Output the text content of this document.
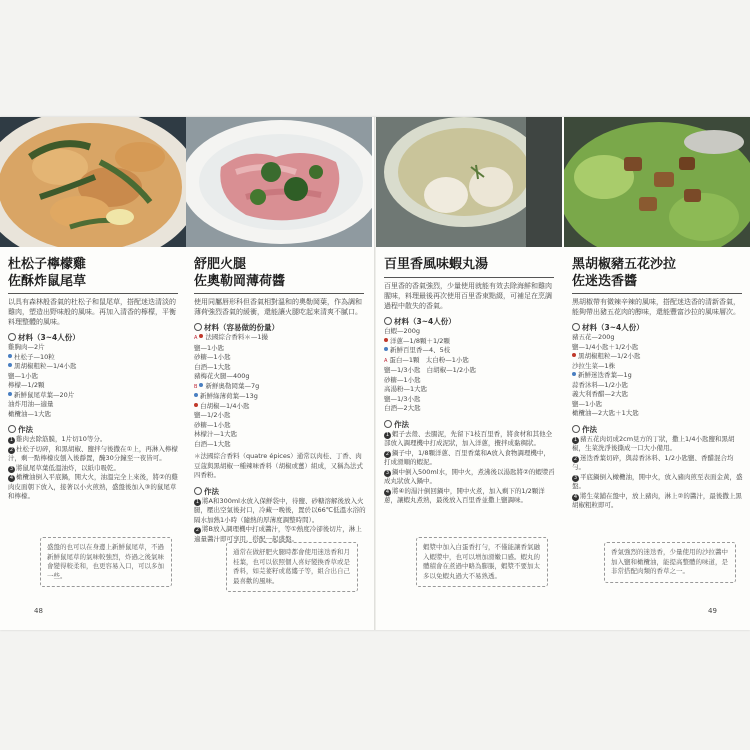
杜松子檸檬雞
佐酥炸鼠尾草
以具有森林般香氣的杜松子和鼠尾草，搭配迷迭清淡的雞肉，塑造出野味般的風味。再加入清香的檸檬，平衡料理整體的風味。
材料（3~4人份）
雞胸肉—2片
杜松子—10粒
黑胡椒粗粒—1/4小匙
鹽—1小匙
檸檬—1/2顆
新鮮鼠尾草葉—20片
油炸用油—適量
橄欖油—1大匙
作法
1 雞肉去除筋膜，1片切10等分。
2 杜松子切碎，和黑胡椒、鹽拌勻後撒在①上，再淋入檸檬汁，剩一點檸檬皮刨入後靜置，醃30分鐘至一夜皆可。
3 將鼠尾草葉低溫油炸，以紙巾吸乾。
4 橄欖油倒入平底鍋，開大火，油溫完全上來後，將②的雞肉皮面朝下放入，接著以小火煎熟，盛盤後加入③的鼠尾草和檸檬。
盛盤的也可以在身邊上新鮮鼠尾草，不過新鮮鼠尾草的氣味較強烈，炸過之後氣味會變得較柔和，也更容易入口，可以多加一些。
48
舒肥火腿
佐奧勒岡薄荷醬
使用同屬唇形科但香氣相對溫和的奧勒岡葉，作為調和薄荷強烈香氣的緩衝，還能讓火腿吃起來清爽不膩口。
材料（容易做的份量）
A 法國綜合香料＊—1撮
鹽—1小匙
砂糖—1小匙
白酒—1大匙
豬梅花火腿—400g
B 新鮮奧勒岡葉—7g
新鮮綠薄荷葉—13g
白胡椒—1/4小匙
鹽—1/2小匙
砂糖—1小匙
林檬汁—1大匙
白酒—1大匙
＊法國綜合香料（quatre épices）通常以肉桂、丁香、肉豆蔻與黑胡椒一種辣味香料（胡椒或薑）組成，又稱為法式四香粉。
作法
1 將A和300ml水放入保鮮袋中，待鹽、砂糖溶解後放入火腿，壓出空氣後封口，冷藏一晚後，置於以66℃低溫水浴的隔水加熱1小時（隨熱的厚薄度調整時間）。
2 將B放入調理機中打成醬汁，等①熱度冷卻後切片，淋上適量醬汁即可享用，搭配一起盛盤。
通常在做舒肥火腿時都會使用迷迭香和月桂葉，也可以依照個人喜好變換香草或是香料，如芫荽籽或葛縷子等，組合出自己最喜歡的風味。
百里香風味蝦丸湯
百里香的香氣強烈，少量使用就能有效去除海鮮和雞肉腥味，料理最後再次使用百里香束點綴，可補足在烹調過程中散失的香氣。
材料（3~4人份）
白蝦—200g
洋蔥—1/8顆＋1/2顆
新鮮百里香—4、5枝
A 蛋白—1顆 太白粉—1小匙
鹽—1/3小匙 白胡椒—1/2小匙
砂糖—1小匙
高湯粉—1大匙
鹽—1/3小匙
白酒—2大匙
作法
1 蝦子去殼、去腸泥，先留下1枝百里香，將食材和其他全部放入調理機中打成泥狀，加入洋蔥，攪拌成黏稠狀。
2 鍋子中，1/8顆洋蔥、百里香葉和A放入食物調理機中，打成滑順的蝦泥。
3 鍋中倒入500ml水，開中火，煮沸後以湯匙將②的蝦漿舀成丸狀放入鍋中。
4 將④的湯汁倒回鍋中，開中火煮，加入剩下的1/2顆洋蔥，讓蝦丸煮熟，最後放入百里香並撒上鹽調味。
蝦漿中加入白蛋香打勻，不僅能讓香氣融入蝦漿中，也可以增加滑嫩口感。蝦丸的體積會在煮過中略為膨脹，蝦漿不要加太多以免蝦丸過大不易熟透。
黑胡椒豬五花沙拉
佐迷迭香醬
黑胡椒帶有微辣辛辣的風味，搭配迷迭香的清新香氣，能夠帶出豬五花肉的醇味，還能豐富沙拉的風味層次。
材料（3~4人份）
豬五花—200g
鹽—1/4小匙＋1/2小匙
黑胡椒粗粒—1/2小匙
沙拉生菜—1株
新鮮迷迭香葉—1g
蒜香沐料—1/2小匙
義大利香醋—2大匙
鹽—1小匙
橄欖油—2大匙＋1大匙
作法
1 豬五花肉切成2cm見方的丁狀，撒上1/4小匙鹽和黑胡椒，生菜洗淨後撕成一口大小備用。
2 迷迭香葉切碎，與蒜香沐料、1/2小匙鹽、香醋混合均勻。
3 平底鍋倒入橄欖油，開中火，放入豬肉煎至表面金黃，盛盤。
4 將生菜鋪在盤中，放上豬肉，淋上②的醬汁，最後撒上黑胡椒粗粒即可。
香氣強烈的迷迭香，少量使用的沙拉醬中加入鹽和橄欖油，能提高整體的味道，是非常搭配肉類的香草之一。
49
